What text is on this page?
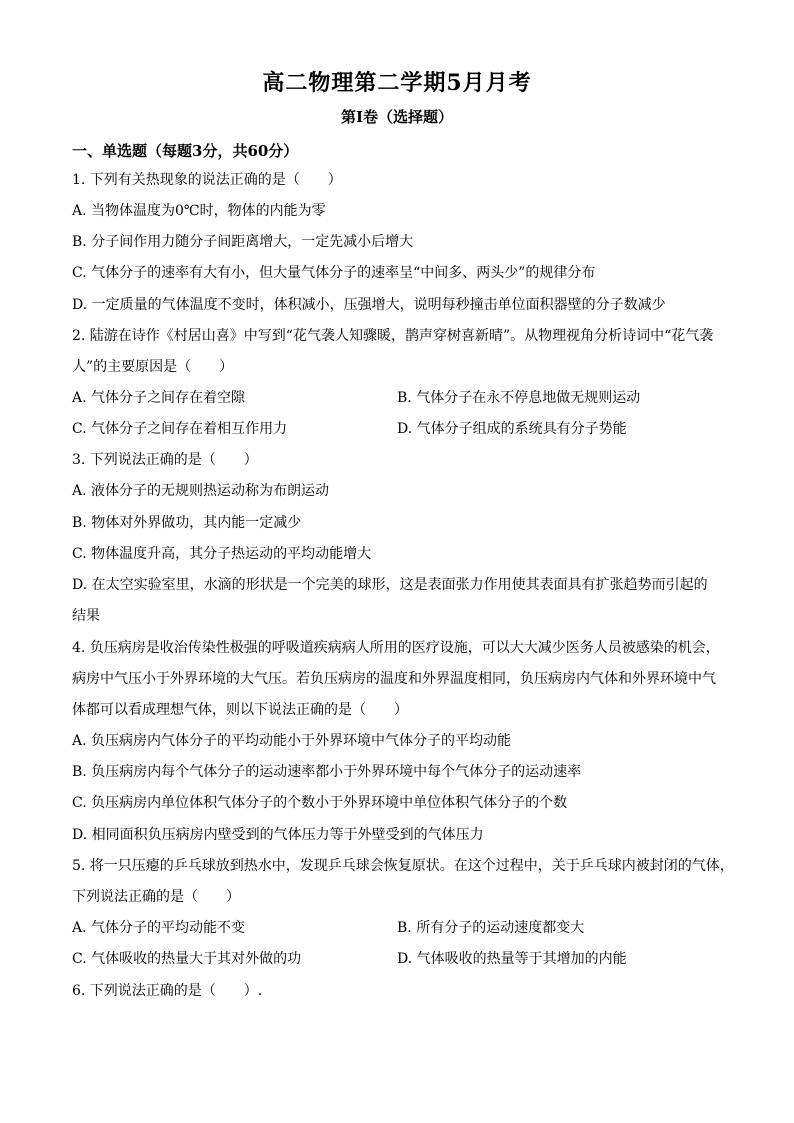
高二物理第二学期5月月考
第Ⅰ卷（选择题）
一、单选题（每题3分，共60分）
1. 下列有关热现象的说法正确的是（　　）
A. 当物体温度为0℃时，物体的内能为零
B. 分子间作用力随分子间距离增大，一定先减小后增大
C. 气体分子的速率有大有小，但大量气体分子的速率呈“中间多、两头少”的规律分布
D. 一定质量的气体温度不变时，体积减小，压强增大，说明每秒撞击单位面积器壁的分子数减少
2. 陆游在诗作《村居山喜》中写到“花气袭人知骤暖，鹊声穿树喜新晴”。从物理视角分析诗词中“花气袭
人”的主要原因是（　　）
A. 气体分子之间存在着空隙	B. 气体分子在永不停息地做无规则运动
C. 气体分子之间存在着相互作用力	D. 气体分子组成的系统具有分子势能
3. 下列说法正确的是（　　）
A. 液体分子的无规则热运动称为布朗运动
B. 物体对外界做功，其内能一定减少
C. 物体温度升高，其分子热运动的平均动能增大
D. 在太空实验室里，水滴的形状是一个完美的球形，这是表面张力作用使其表面具有扩张趋势而引起的
结果
4. 负压病房是收治传染性极强的呼吸道疾病病人所用的医疗设施，可以大大减少医务人员被感染的机会，
病房中气压小于外界环境的大气压。若负压病房的温度和外界温度相同，负压病房内气体和外界环境中气
体都可以看成理想气体，则以下说法正确的是（　　）
A. 负压病房内气体分子的平均动能小于外界环境中气体分子的平均动能
B. 负压病房内每个气体分子的运动速率都小于外界环境中每个气体分子的运动速率
C. 负压病房内单位体积气体分子的个数小于外界环境中单位体积气体分子的个数
D. 相同面积负压病房内壁受到的气体压力等于外壁受到的气体压力
5. 将一只压瘪的乒乓球放到热水中，发现乒乓球会恢复原状。在这个过程中，关于乒乓球内被封闭的气体，
下列说法正确的是（　　）
A. 气体分子的平均动能不变	B. 所有分子的运动速度都变大
C. 气体吸收的热量大于其对外做的功	D. 气体吸收的热量等于其增加的内能
6. 下列说法正确的是（　　）.
